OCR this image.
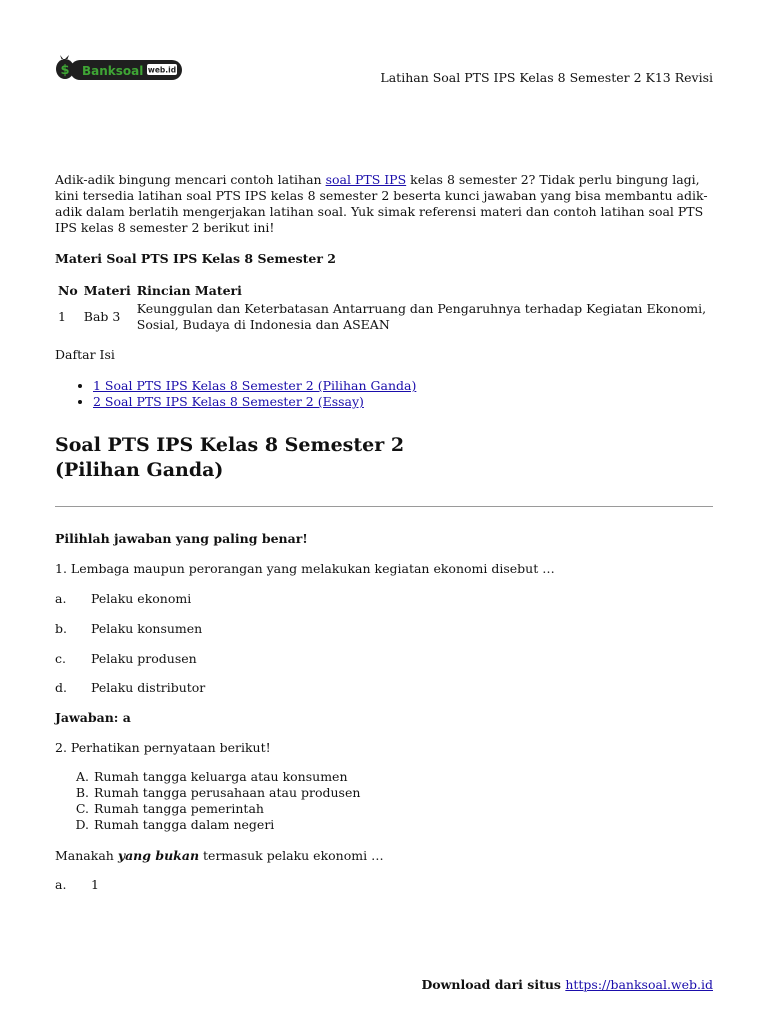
$ Banksoal web.id	Latihan Soal PTS IPS Kelas 8 Semester 2 K13 Revisi
Adik-adik bingung mencari contoh latihan soal PTS IPS kelas 8 semester 2? Tidak perlu bingung lagi, kini tersedia latihan soal PTS IPS kelas 8 semester 2 beserta kunci jawaban yang bisa membantu adik-adik dalam berlatih mengerjakan latihan soal. Yuk simak referensi materi dan contoh latihan soal PTS IPS kelas 8 semester 2 berikut ini!
Materi Soal PTS IPS Kelas 8 Semester 2
No	Materi	Rincian Materi
1	Bab 3	Keunggulan dan Keterbatasan Antarruang dan Pengaruhnya terhadap Kegiatan Ekonomi, Sosial, Budaya di Indonesia dan ASEAN
Daftar Isi
• 1 Soal PTS IPS Kelas 8 Semester 2 (Pilihan Ganda)
• 2 Soal PTS IPS Kelas 8 Semester 2 (Essay)
Soal PTS IPS Kelas 8 Semester 2
(Pilihan Ganda)
Pilihlah jawaban yang paling benar!
1. Lembaga maupun perorangan yang melakukan kegiatan ekonomi disebut …
a. Pelaku ekonomi
b. Pelaku konsumen
c. Pelaku produsen
d. Pelaku distributor
Jawaban: a
2. Perhatikan pernyataan berikut!
A. Rumah tangga keluarga atau konsumen
B. Rumah tangga perusahaan atau produsen
C. Rumah tangga pemerintah
D. Rumah tangga dalam negeri
Manakah yang bukan termasuk pelaku ekonomi …
a. 1
Download dari situs https://banksoal.web.id
